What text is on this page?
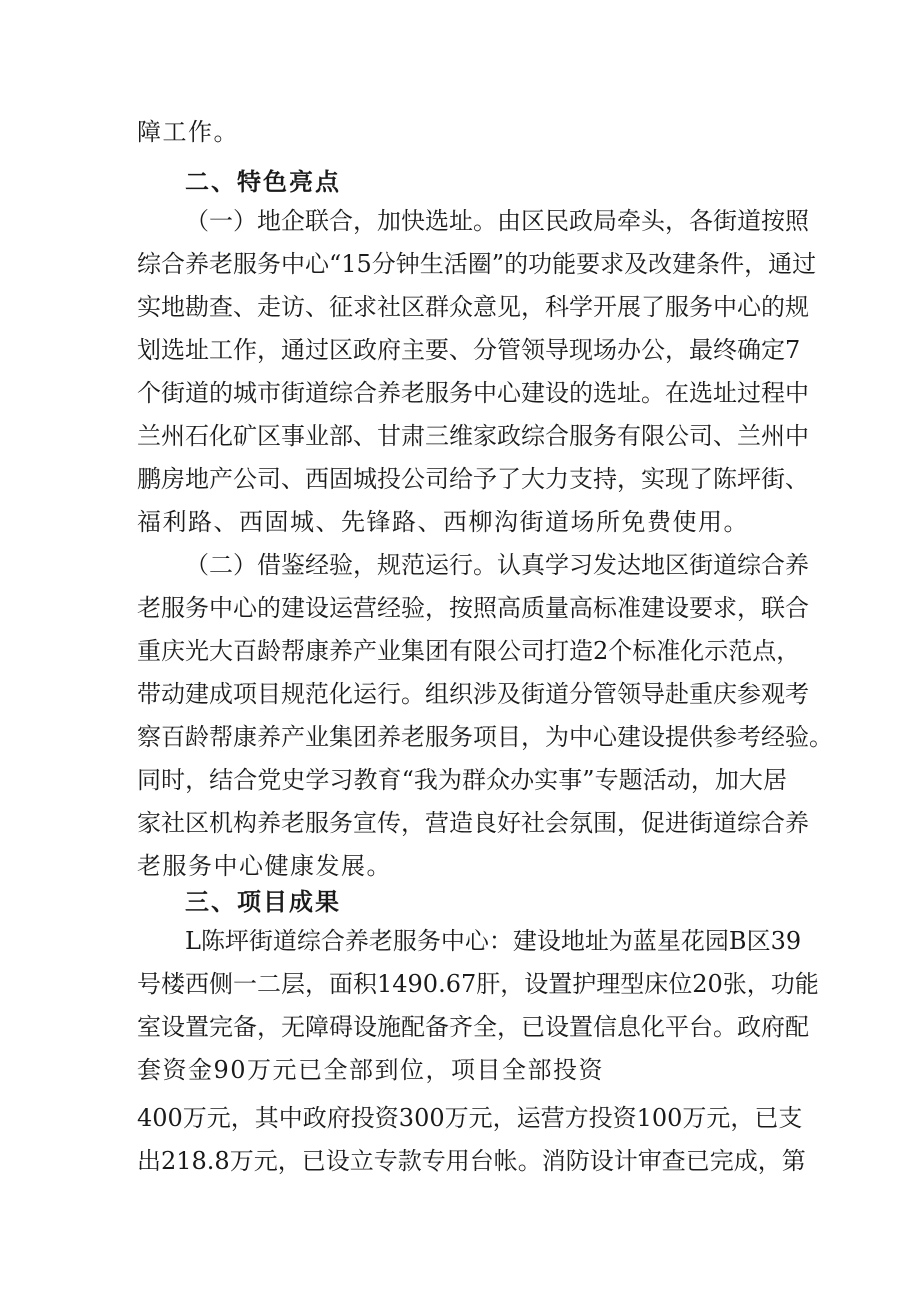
障工作。
二、特色亮点
（一）地企联合，加快选址。由区民政局牵头，各街道按照
综合养老服务中心“15分钟生活圈”的功能要求及改建条件，通过
实地勘查、走访、征求社区群众意见，科学开展了服务中心的规
划选址工作，通过区政府主要、分管领导现场办公，最终确定7
个街道的城市街道综合养老服务中心建设的选址。在选址过程中
兰州石化矿区事业部、甘肃三维家政综合服务有限公司、兰州中
鹏房地产公司、西固城投公司给予了大力支持，实现了陈坪街、
福利路、西固城、先锋路、西柳沟街道场所免费使用。
（二）借鉴经验，规范运行。认真学习发达地区街道综合养
老服务中心的建设运营经验，按照高质量高标准建设要求，联合
重庆光大百龄帮康养产业集团有限公司打造2个标准化示范点，
带动建成项目规范化运行。组织涉及街道分管领导赴重庆参观考
察百龄帮康养产业集团养老服务项目，为中心建设提供参考经验。
同时，结合党史学习教育“我为群众办实事”专题活动，加大居
家社区机构养老服务宣传，营造良好社会氛围，促进街道综合养
老服务中心健康发展。
三、项目成果
L陈坪街道综合养老服务中心：建设地址为蓝星花园B区39
号楼西侧一二层，面积1490.67肝，设置护理型床位20张，功能
室设置完备，无障碍设施配备齐全，已设置信息化平台。政府配
套资金90万元已全部到位，项目全部投资
400万元，其中政府投资300万元，运营方投资100万元，已支
出218.8万元，已设立专款专用台帐。消防设计审查已完成，第
